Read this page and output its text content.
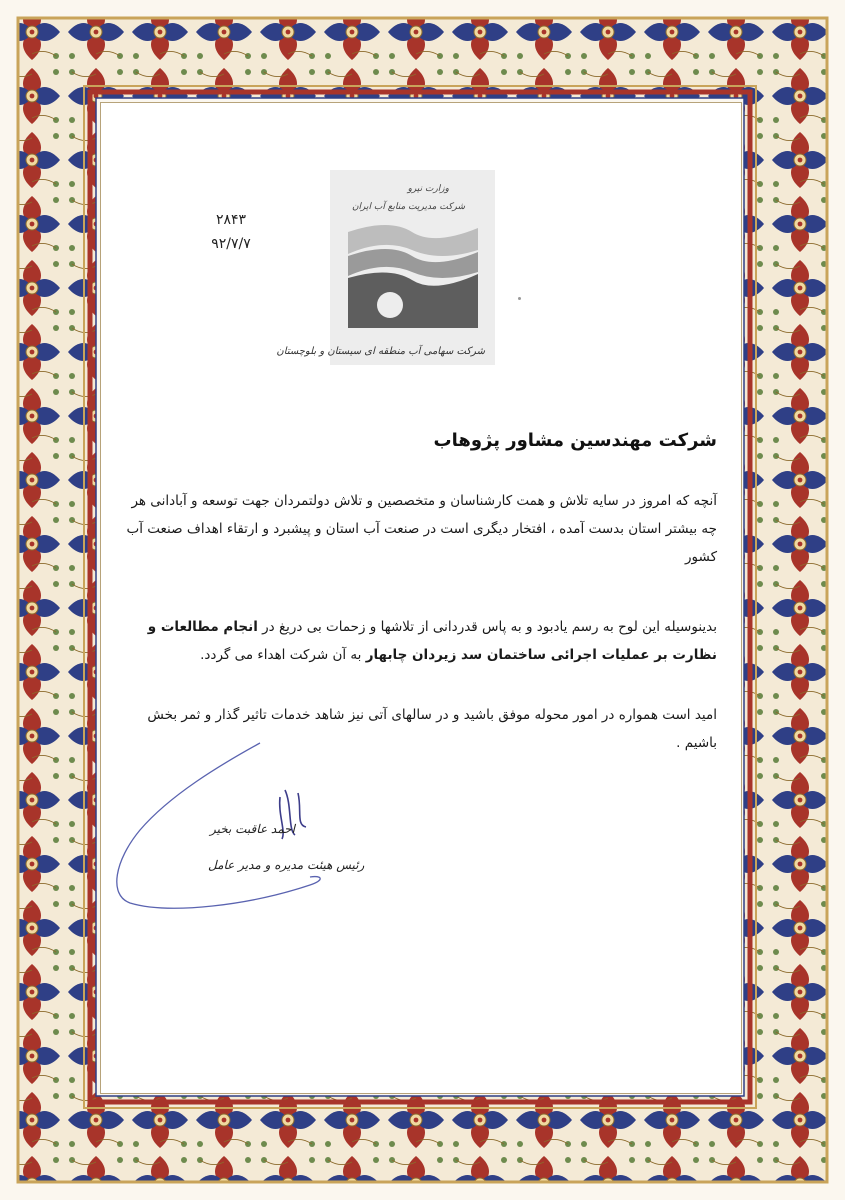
۲۸۴۳
۹۲/۷/۷
وزارت نیرو
شرکت مدیریت منابع آب ایران
شرکت سهامی آب منطقه ای سیستان و بلوچستان
شرکت مهندسین مشاور پژوهاب
آنچه که امروز در سایه تلاش و همت کارشناسان و متخصصین و تلاش دولتمردان جهت توسعه و آبادانی هر چه بیشتر استان بدست آمده ، افتخار دیگری است در صنعت آب استان و پیشبرد و ارتقاء اهداف صنعت آب کشور
بدینوسیله این لوح به رسم یادبود و به پاس قدردانی از تلاشها و زحمات بی دریغ در انجام مطالعات و نظارت بر عملیات اجرائی ساختمان سد زیردان چابهار به آن شرکت اهداء می گردد.
امید است همواره در امور محوله موفق باشید و در سالهای آتی نیز شاهد خدمات تاثیر گذار و ثمر بخش باشیم .
احمد عاقبت بخیر
رئیس هیئت مدیره و مدیر عامل
